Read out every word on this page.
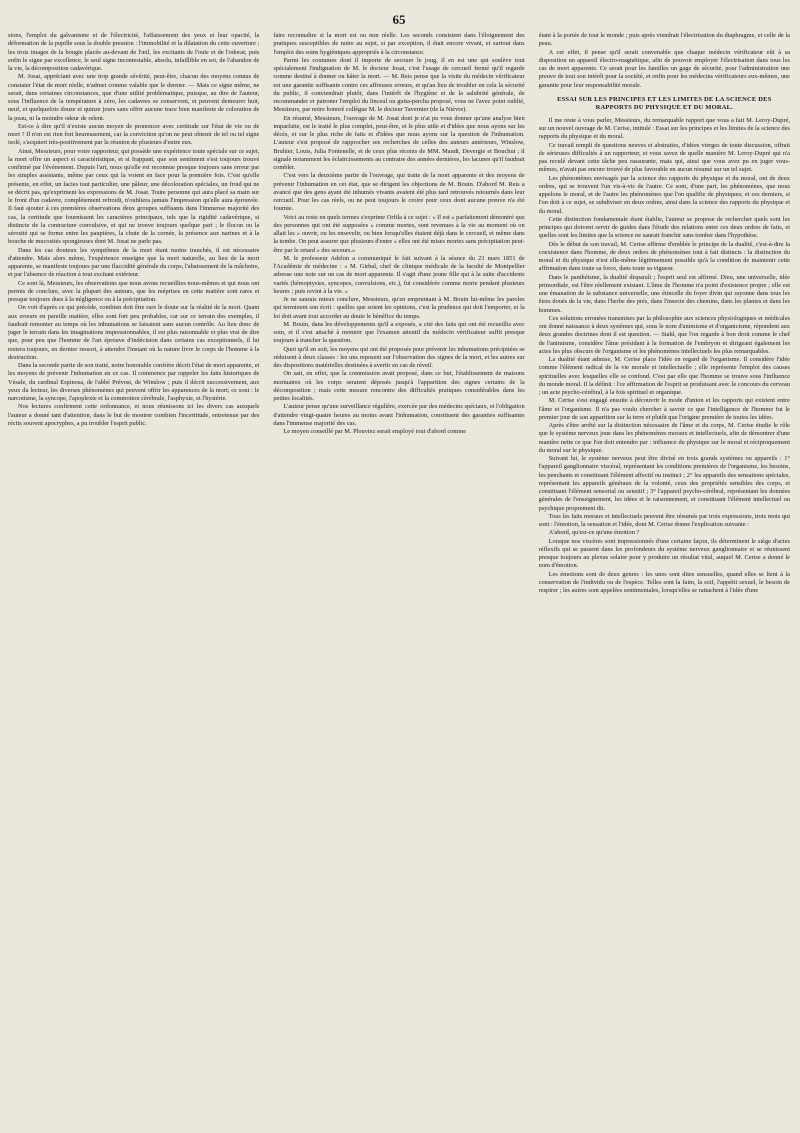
65

sions, l'emploi du galvanisme et de l'électricité, l'affaissement des yeux et leur opacité, la déformation de la pupille sous la double pression : l'immobilité et la dilatation du cette ouverture ; les trois images de la bougie placée au-devant de l'œil, les excitants de l'ouïe et de l'odorat; puis enfin le signe par excellence, le seul signe incontestable, absolu, infaillible en soi, de l'abandon de la vie, la décomposition cadavérique.

M. Josat, appréciant avec une trop grande sévérité, peut-être, chacun des moyens connus de constater l'état de mort réelle, n'admet comme valable que le dernier. — Mais ce signe même, ne serait, dans certaines circonstances, que d'une utilité problématique, puisque, au dire de l'auteur, sous l'influence de la température à zéro, les cadavres se conservent, et peuvent demeurer huit, neuf, et quelquefois douze et quinze jours sans offrir aucune trace bien manifeste de coloration de la peau, ni la moindre odeur de relent.

Est-ce à dire qu'il n'existe aucun moyen de prononcer avec certitude sur l'état de vie ou de mort ? Il n'en est rien fort heureusement, car la conviction qu'on ne peut obtenir de tel ou tel signe isolé, s'acquiert très-positivement par la réunion de plusieurs d'entre eux.

Ainsi, Messieurs, pour votre rapporteur, qui possède une expérience toute spéciale sur ce sujet, la mort offre un aspect si caractéristique, et si frappant, que son sentiment s'est toujours trouvé confirmé par l'événement. Depuis l'art, nous qu'elle est reconnue presque toujours sans erreur par les simples assistants, même par ceux qui la voient en face pour la première fois. C'est qu'elle présente, en effet, un facies tout particulier, une pâleur, une décoloration spéciales, un froid qui ne se décrit pas, qu'expriment les expressions de M. Josat. Toute personne qui aura placé sa main sur le front d'un cadavre, complétement refroidi, n'oubliera jamais l'impression qu'elle aura éprouvée. Il faut ajouter à ces premières observations deux groupes suffisants dans l'immense majorité des cas, la certitude que fournissent les caractères principaux, tels que la rigidité cadavérique, si distincte de la contracture convulsive, et qui ne trouve toujours quelque part ; le flocon ou la sérosité qui se forme entre les paupières, la chute de la cornée, la présence aux narines et à la bouche de mucosités spongieuses dont M. Josat ne parle pas.

Dans les cas douteux les symptômes de la mort étant moins tranchés, il est nécessaire d'attendre. Mais alors même, l'expérience enseigne que la mort naturelle, au lieu de la mort apparente, se manifeste toujours par une flaccidité générale du corps, l'abaissement de la mâchoire, et par l'absence de réaction à tout excitant extérieur.

Ce sont là, Messieurs, les observations que nous avons recueillies nous-mêmes et qui nous ont permis de conclure, avec la plupart des auteurs, que les méprises en cette matière sont rares et presque toujours dues à la négligence ou à la précipitation.

On voit d'après ce qui précède, combien doit être rare le doute sur la réalité de la mort. Quant aux erreurs en pareille matière, elles sont fort peu probables, car sur ce terrain des exemples, il faudrait remonter au temps où les inhumations se faisaient sans aucun contrôle. Au lieu donc de juger le terrain dans les imaginations impressionnables, il est plus raisonnable et plus vrai de dire que, pour peu que l'homme de l'art éprouve d'indécision dans certains cas exceptionnels, il lui restera toujours, en dernier ressort, à attendre l'instant où la nature livre le corps de l'homme à la destruction.

Dans la seconde partie de son traité, notre honorable confrère décrit l'état de mort apparente, et les moyens de prévenir l'inhumation en ce cas. Il commence par rappeler les faits historiques de Vésale, du cardinal Espinosa, de l'abbé Prévost, de Winslow ; puis il décrit successivement, aux yeux du lecteur, les diverses phénomènes qui peuvent offrir les apparences de la mort; ce sont : le narcotisme, la syncope, l'apoplexie et la commotion cérébrale, l'asphyxie, et l'hystérie.

Nos lectures confirment cette ordonnance, et nous réunissons ici les divers cas auxquels l'auteur a donné tant d'attention, dans le but de montrer combien l'incertitude, entretenue par des récits souvent apocryphes, a pu troubler l'esprit public.

faire reconnaître si la mort est ou non réelle. Les seconds consistent dans l'éloignement des pratiques susceptibles de nuire au sujet, si par exception, il était encore vivant, et surtout dans l'emploi des soins hygiéniques appropriés à la circonstance.

Parmi les coutumes dont il importe de secouer le joug, il en est une qui soulève tout spécialement l'indignation de M. le docteur Josat, c'est l'usage de cercueil fermé qu'il regarde comme destiné à donner ou hâter la mort. — M. Reis pense que la visite du médecin vérificateur est une garantie suffisante contre ces affreuses erreurs, et qu'au lieu de troubler en cela la sécurité du public, il conviendrait plutôt, dans l'intérêt de l'hygiène et de la salubrité générale, de recommander et patroner l'emploi du linceul ou gutta-percha proposé, vous ne l'avez point oublié, Messieurs, par notre honoré collègue M. le docteur Tavernier (de la Nièvre).

En résumé, Messieurs, l'ouvrage de M. Josat dont je n'ai pu vous donner qu'une analyse bien imparfaite, est le traité le plus complet, peut-être, et le plus utile et d'idées que nous ayons sur les décès, et sur le plus riche de faits et d'idées que nous ayons sur la question de l'inhumation. L'auteur s'est proposé de rapprocher ses recherches de celles des auteurs antérieurs, Winslow, Bruhier, Louis, Julia Fontenelle, et de ceux plus récents de MM. Mandt, Devergie et Bouchut ; il signale notamment les éclaircissements au contraire des années dernières, les lacunes qu'il faudrait combler.

C'est vers la deuxième partie de l'ouvrage, qui traite de la mort apparente et des moyens de prévenir l'inhumation en cet état, que se dirigent les objections de M. Bouin. D'abord M. Reis a avancé que des gens ayant été inhumés vivants avaient été plus tard retrouvés retournés dans leur cercueil. Pour les cas réels, ou ne peut toujours le croire pour ceux dont aucune preuve n'a été fournie.

Voici au reste en quels termes s'exprime Orfila à ce sujet : « Il est » parfaitement démontré que des personnes qui ont été supposées » comme mortes, sont revenues à la vie au moment où on allait les » ouvrir, ou les ensevelir, ou bien lorsqu'elles étaient déjà dans le cercueil, et même dans la tombe. On peut assurer que plusieurs d'entre » elles ont été mises mortes sans précipitation peut-être par le retard » des secours.»

M. le professeur Adelon a communiqué le fait suivant à la séance du 23 mars 1851 de l'Académie de médecine : « M. Girbal, chef de clinique médicale de la faculté de Montpellier adresse une note sur un cas de mort apparente. Il s'agit d'une jeune fille qui à la suite d'accidents variés (hémoptysies, syncopes, convulsions, etc.), fut considérée comme morte pendant plusieurs heures ; puis revint à la vie. »

Je ne saurais mieux conclure, Messieurs, qu'en empruntant à M. Bouin lui-même les paroles qui terminent son écrit : quelles que soient les opinions, c'est la prudence qui doit l'emporter, et la loi doit avant tout accorder au doute le bénéfice du temps.

M. Bouin, dans les développements qu'il a exposés, a cité des faits qui ont été recueillis avec soin, et il s'est attaché à montrer que l'examen attentif du médecin vérificateur suffit presque toujours à trancher la question.

Quoi qu'il en soit, les moyens qui ont été proposés pour prévenir les inhumations précipitées se réduisent à deux classes : les uns reposent sur l'observation des signes de la mort, et les autres sur des dispositions matérielles destinées à avertir en cas de réveil.

On sait, en effet, que la commission avait proposé, dans ce but, l'établissement de maisons mortuaires où les corps seraient déposés jusqu'à l'apparition des signes certains de la décomposition ; mais cette mesure rencontre des difficultés pratiques considérables dans les petites localités.

L'auteur pense qu'une surveillance régulière, exercée par des médecins spéciaux, et l'obligation d'attendre vingt-quatre heures au moins avant l'inhumation, constituent des garanties suffisantes dans l'immense majorité des cas.

Le moyen conseillé par M. Plouviez serait employé tout d'abord comme

étant à la portée de tout le monde ; puis après viendrait l'électrisation du diaphragme, et celle de la peau.

A cet effet, il pense qu'il serait convenable que chaque médecin vérificateur eût à sa disposition un appareil électro-magnétique, afin de pouvoir employer l'électrisation dans tous les cas de mort apparente. Ce serait pour les familles un gage de sécurité, pour l'administration une preuve de tout son intérêt pour la société, et enfin pour les médecins vérificateurs eux-mêmes, une garantie pour leur responsabilité morale.

ESSAI SUR LES PRINCIPES ET LES LIMITES DE LA SCIENCE DES RAPPORTS DU PHYSIQUE ET DU MORAL.

Il me reste à vous parler, Messieurs, du remarquable rapport que vous a fait M. Leroy-Dupré, sur un nouvel ouvrage de M. Cerise, intitulé : Essai sur les principes et les limites de la science des rapports du physique et du moral.

Ce travail rempli de questions neuves et abstraites, d'idées vierges de toute discussion, offrait de sérieuses difficultés à un rapporteur, et vous savez de quelle manière M. Leroy-Dupré qui n'a pas reculé devant cette tâche peu rassurante, mais qui, ainsi que vous avez pu en juger vous-mêmes, n'avait pas encore trouvé de plus favorable en aucun résumé sur un tel sujet.

Les phénomènes envisagés par la science des rapports du physique et du moral, ont de deux ordres, qui se trouvent l'un vis-à-vis de l'autre. Ce sont, d'une part, les phénomènes, que nous appelons le moral, et de l'autre les phénomènes que l'on qualifie de physiques; et ces derniers, si l'on doit à ce sujet, se subdiviser en deux ordres, ainsi dans la science des rapports du physique et du moral.

Cette distinction fondamentale étant établie, l'auteur se propose de rechercher quels sont les principes qui doivent servir de guides dans l'étude des relations entre ces deux ordres de faits, et quelles sont les limites que la science ne saurait franchir sans tomber dans l'hypothèse.

Dès le début de son travail, M. Cerise affirme d'emblée le principe de la dualité, c'est-à-dire la coexistence dans l'homme, de deux ordres de phénomènes tout à fait distincts : la distinction du moral et du physique n'est elle-même légitimement possible qu'à la condition de maintenir cette affirmation dans toute sa force, dans toute sa vigueur.

Dans le panthéisme, la dualité disparaît ; l'esprit seul est affirmé. Dieu, une universelle, idée primordiale, est l'être réellement existant. L'âme de l'homme n'a point d'existence propre ; elle est une émanation de la substance universelle, une étincelle du foyer divin qui rayonne dans tous les êtres doués de la vie, dans l'herbe des prés, dans l'insecte des chemins, dans les plantes et dans les hommes.

Ces solutions erronées transmises par la philosophie aux sciences physiologiques et médicales ont donné naissance à deux systèmes qui, sous le nom d'animisme et d'organicisme, répondent aux deux grandes doctrines dont il est question. — Stahl, que l'on regarde à bon droit comme le chef de l'animisme, considère l'âme présidant à la formation de l'embryon et dirigeant également les actes les plus obscurs de l'organisme et les phénomènes intellectuels les plus remarquables.

La dualité étant admise, M. Cerise place l'idée en regard de l'organisme. Il considère l'idée comme l'élément radical de la vie morale et intellectuelle ; elle représente l'emploi des causes spirituelles avec lesquelles elle se confond. C'est par elle que l'homme se trouve sous l'influence du monde moral. Il la définit : l'ce affirmation de l'esprit se produisant avec le concours du cerveau ; un acte psycho-cérébral, à la fois spirituel et organique.

M. Cerise s'est engagé ensuite à découvrir le mode d'union et les rapports qui existent entre l'âme et l'organisme. Il n'a pas voulu chercher à savoir ce que l'intelligence de l'homme fut le premier jour de son apparition sur la terre et plutôt que l'origine première de toutes les idées.

Après s'être arrêté sur la distinction nécessaire de l'âme et du corps, M. Cerise étudie le rôle que le système nerveux joue dans les phénomènes moraux et intellectuels, afin de démontrer d'une manière nette ce que l'on doit entendre par : influence du physique sur le moral et réciproquement du moral sur le physique.

Suivant lui, le système nerveux peut être divisé en trois grands systèmes ou appareils : 1° l'appareil ganglionnaire viscéral, représentant les conditions premières de l'organisme, les besoins, les penchants et constituant l'élément affectif ou instinct ; 2° les appareils des sensations spéciales, représentant les appareils généraux de la volonté, ceux des propriétés sensibles des corps, et constituant l'élément sensorial ou sensitif ; 3° l'appareil psycho-cérébral, représentant les données générales de l'enseignement, les idées et le raisonnement, et constituant l'élément intellectuel ou psychique proprement dit.

Tous les faits moraux et intellectuels peuvent être résumés par trois expressions, trois mots qui sont : l'émotion, la sensation et l'idée, dont M. Cerise donne l'explication suivante :

A'abord, qu'est-ce qu'une émotion ?

Lorsque nos viscères sont impressionnés d'une certaine façon, ils déterminent le siège d'actes réflexifs qui se passent dans les profondeurs du système nerveux ganglionnaire et se réunissent presque toujours au plexus solaire pour y produire un résultat vital, auquel M. Cerise a donné le nom d'émotion.

Les émotions sont de deux genres : les unes sont dites sensuelles, quand elles se lient à la conservation de l'individu ou de l'espèce. Telles sont la faim, la soif, l'appétit sexuel, le besoin de respirer ; les autres sont appelées sentimentales, lorsqu'elles se rattachent à l'idée d'une
